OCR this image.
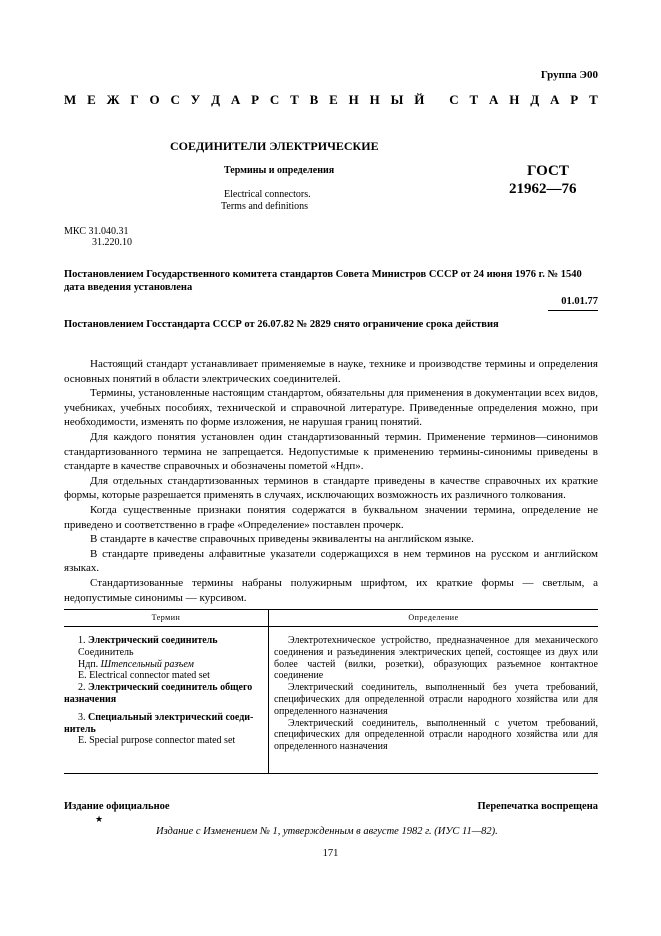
Группа Э00
М Е Ж Г О С У Д А Р С Т В Е Н Н Ы Й
С Т А Н Д А Р Т
СОЕДИНИТЕЛИ ЭЛЕКТРИЧЕСКИЕ
Термины и определения
Electrical connectors.
Terms and definitions
ГОСТ
21962—76
МКС 31.040.31
31.220.10
Постановлением Государственного комитета стандартов Совета Министров СССР от 24 июня 1976 г. № 1540 дата введения установлена
01.01.77
Постановлением Госстандарта СССР от 26.07.82 № 2829 снято ограничение срока действия

Настоящий стандарт устанавливает применяемые в науке, технике и производстве термины и определения основных понятий в области электрических соединителей.

Термины, установленные настоящим стандартом, обязательны для применения в документации всех видов, учебниках, учебных пособиях, технической и справочной литературе. Приведенные определения можно, при необходимости, изменять по форме изложения, не нарушая границ понятий.

Для каждого понятия установлен один стандартизованный термин. Применение терминов—синонимов стандартизованного термина не запрещается. Недопустимые к применению термины-синонимы приведены в стандарте в качестве справочных и обозначены пометой «Ндп».

Для отдельных стандартизованных терминов в стандарте приведены в качестве справочных их краткие формы, которые разрешается применять в случаях, исключающих возможность их различного толкования.

Когда существенные признаки понятия содержатся в буквальном значении термина, определение не приведено и соответственно в графе «Определение» поставлен прочерк.

В стандарте в качестве справочных приведены эквиваленты на английском языке.

В стандарте приведены алфавитные указатели содержащихся в нем терминов на русском и английском языках.

Стандартизованные термины набраны полужирным шрифтом, их краткие формы — светлым, а недопустимые синонимы — курсивом.

Термин	Определение
1. Электрический соединитель
Соединитель
Ндп. Штепсельный разъем
E. Electrical connector mated set
2. Электрический соединитель общего
назначения
3. Специальный электрический соеди-
нитель
E. Special purpose connector mated set

Электротехническое устройство, предназначенное для механического соединения и разъединения электрических цепей, состоящее из двух или более частей (вилки, розетки), образующих разъемное контактное соединение

Электрический соединитель, выполненный без учета требований, специфических для определенной отрасли народного хозяйства или для определенного назначения

Электрический соединитель, выполненный с учетом требований, специфических для определенной отрасли народного хозяйства или для определенного назначения

Издание официальное
★
Перепечатка воспрещена
Издание с Изменением № 1, утвержденным в августе 1982 г. (ИУС 11—82).
171
